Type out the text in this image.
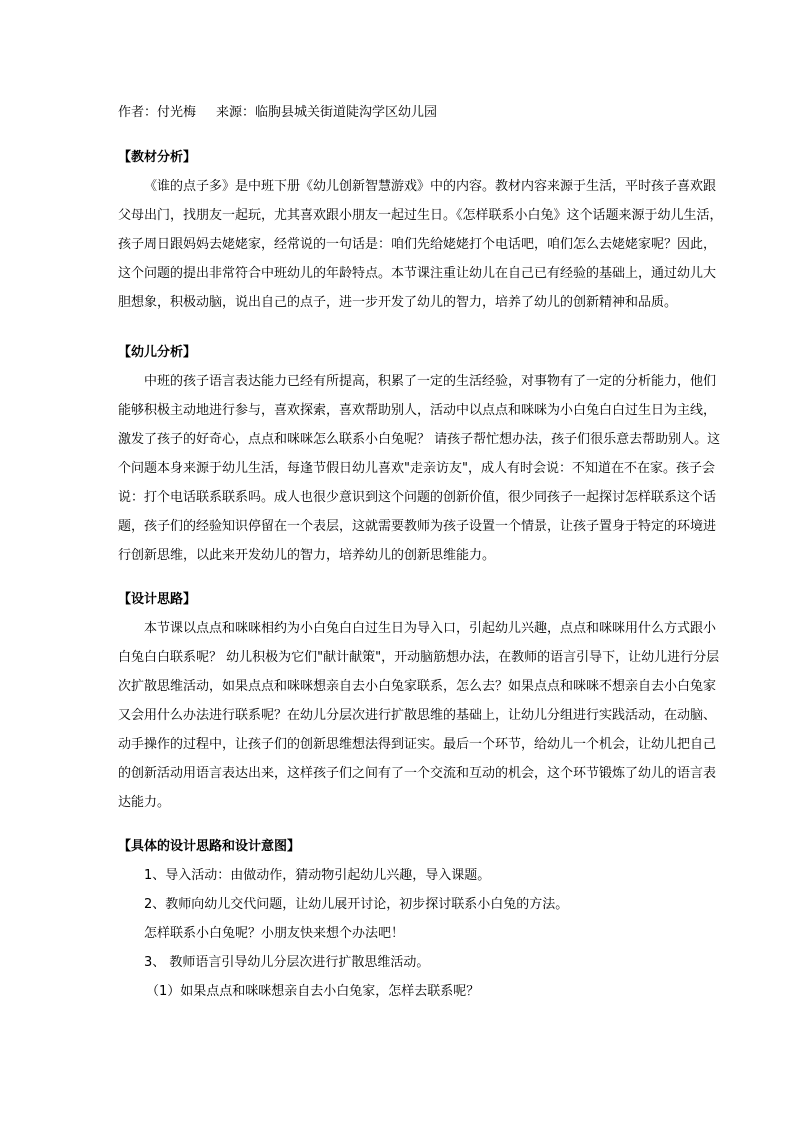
作者：付光梅 来源：临朐县城关街道陡沟学区幼儿园
【教材分析】
《谁的点子多》是中班下册《幼儿创新智慧游戏》中的内容。教材内容来源于生活，平时孩子喜欢跟
父母出门，找朋友一起玩，尤其喜欢跟小朋友一起过生日。《怎样联系小白兔》这个话题来源于幼儿生活，
孩子周日跟妈妈去姥姥家，经常说的一句话是：咱们先给姥姥打个电话吧，咱们怎么去姥姥家呢？因此，
这个问题的提出非常符合中班幼儿的年龄特点。本节课注重让幼儿在自己已有经验的基础上，通过幼儿大
胆想象，积极动脑，说出自己的点子，进一步开发了幼儿的智力，培养了幼儿的创新精神和品质。
【幼儿分析】
中班的孩子语言表达能力已经有所提高，积累了一定的生活经验，对事物有了一定的分析能力，他们
能够积极主动地进行参与，喜欢探索，喜欢帮助别人，活动中以点点和咪咪为小白兔白白过生日为主线，
激发了孩子的好奇心，点点和咪咪怎么联系小白兔呢？ 请孩子帮忙想办法，孩子们很乐意去帮助别人。这
个问题本身来源于幼儿生活，每逢节假日幼儿喜欢"走亲访友"，成人有时会说：不知道在不在家。孩子会
说：打个电话联系联系吗。成人也很少意识到这个问题的创新价值，很少同孩子一起探讨怎样联系这个话
题，孩子们的经验知识停留在一个表层，这就需要教师为孩子设置一个情景，让孩子置身于特定的环境进
行创新思维，以此来开发幼儿的智力，培养幼儿的创新思维能力。
【设计思路】
本节课以点点和咪咪相约为小白兔白白过生日为导入口，引起幼儿兴趣，点点和咪咪用什么方式跟小
白兔白白联系呢？ 幼儿积极为它们"献计献策"，开动脑筋想办法，在教师的语言引导下，让幼儿进行分层
次扩散思维活动，如果点点和咪咪想亲自去小白兔家联系，怎么去？如果点点和咪咪不想亲自去小白兔家
又会用什么办法进行联系呢？在幼儿分层次进行扩散思维的基础上，让幼儿分组进行实践活动，在动脑、
动手操作的过程中，让孩子们的创新思维想法得到证实。最后一个环节，给幼儿一个机会，让幼儿把自己
的创新活动用语言表达出来，这样孩子们之间有了一个交流和互动的机会，这个环节锻炼了幼儿的语言表
达能力。
【具体的设计思路和设计意图】
1、导入活动：由做动作，猜动物引起幼儿兴趣，导入课题。
2、教师向幼儿交代问题，让幼儿展开讨论，初步探讨联系小白兔的方法。
怎样联系小白兔呢？小朋友快来想个办法吧！
3、 教师语言引导幼儿分层次进行扩散思维活动。
（1）如果点点和咪咪想亲自去小白兔家，怎样去联系呢？
